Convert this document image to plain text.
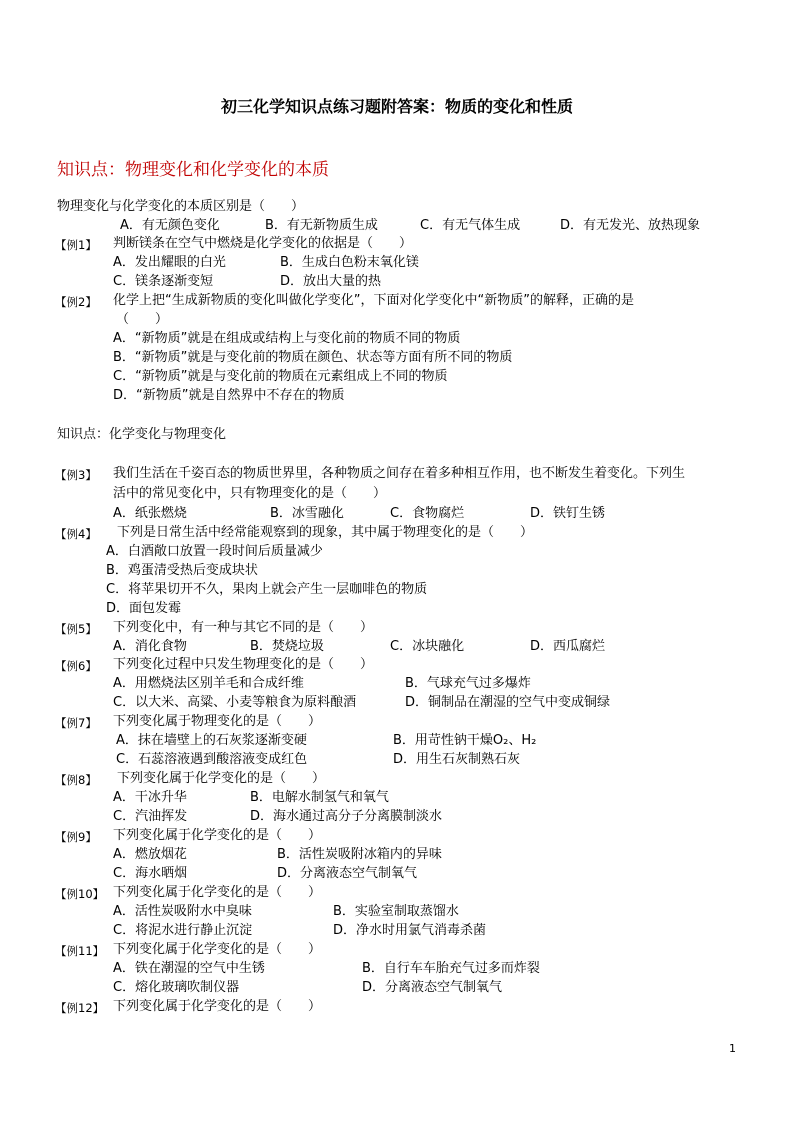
初三化学知识点练习题附答案：物质的变化和性质
知识点：物理变化和化学变化的本质
物理变化与化学变化的本质区别是（　　）
A．有无颜色变化	B．有无新物质生成	C．有无气体生成	D．有无发光、放热现象
【例1】 判断镁条在空气中燃烧是化学变化的依据是（　　）
A．发出耀眼的白光	B．生成白色粉末氧化镁
C．镁条逐渐变短	D．放出大量的热
【例2】 化学上把“生成新物质的变化叫做化学变化”，下面对化学变化中“新物质”的解释，正确的是
（　　）
A．“新物质”就是在组成或结构上与变化前的物质不同的物质
B．“新物质”就是与变化前的物质在颜色、状态等方面有所不同的物质
C．“新物质”就是与变化前的物质在元素组成上不同的物质
D．“新物质”就是自然界中不存在的物质
知识点：化学变化与物理变化
【例3】 我们生活在千姿百态的物质世界里，各种物质之间存在着多种相互作用，也不断发生着变化。下列生
活中的常见变化中，只有物理变化的是（　　）
A．纸张燃烧	B．冰雪融化	C．食物腐烂	D．铁钉生锈
【例4】 下列是日常生活中经常能观察到的现象，其中属于物理变化的是（　　）
A．白酒敞口放置一段时间后质量减少
B．鸡蛋清受热后变成块状
C．将苹果切开不久，果肉上就会产生一层咖啡色的物质
D．面包发霉
【例5】 下列变化中，有一种与其它不同的是（　　）
A．消化食物	B．焚烧垃圾	C．冰块融化	D．西瓜腐烂
【例6】 下列变化过程中只发生物理变化的是（　　）
A．用燃烧法区别羊毛和合成纤维	B．气球充气过多爆炸
C．以大米、高粱、小麦等粮食为原料酿酒	D．铜制品在潮湿的空气中变成铜绿
【例7】 下列变化属于物理变化的是（　　）
A．抹在墙壁上的石灰浆逐渐变硬	B．用苛性钠干燥O₂、H₂
C．石蕊溶液遇到酸溶液变成红色	D．用生石灰制熟石灰
【例8】 下列变化属于化学变化的是（　　）
A．干冰升华	B．电解水制氢气和氧气
C．汽油挥发	D．海水通过高分子分离膜制淡水
【例9】 下列变化属于化学变化的是（　　）
A．燃放烟花	B．活性炭吸附冰箱内的异味
C．海水晒烟	D．分离液态空气制氧气
【例10】 下列变化属于化学变化的是（　　）
A．活性炭吸附水中臭味	B．实验室制取蒸馏水
C．将泥水进行静止沉淀	D．净水时用氯气消毒杀菌
【例11】 下列变化属于化学变化的是（　　）
A．铁在潮湿的空气中生锈	B．自行车车胎充气过多而炸裂
C．熔化玻璃吹制仪器	D．分离液态空气制氧气
【例12】 下列变化属于化学变化的是（　　）
1
